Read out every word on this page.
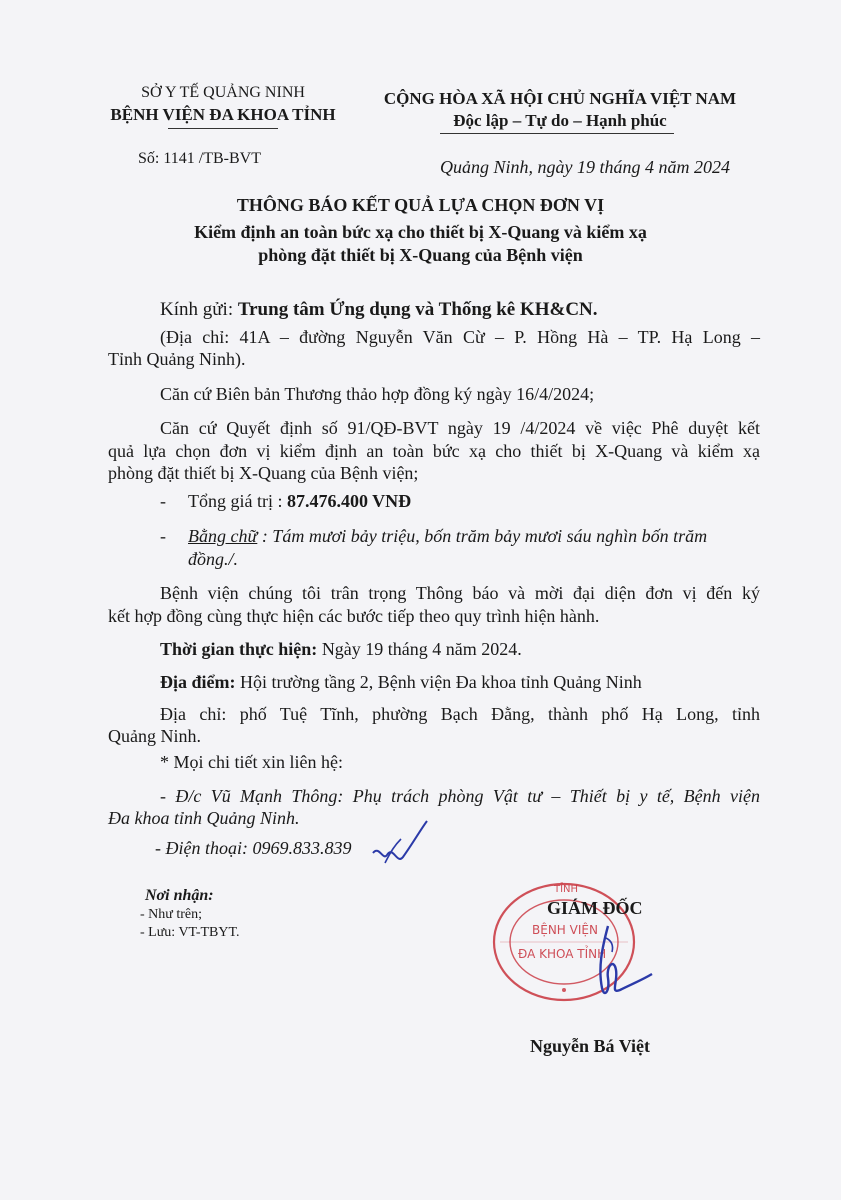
SỞ Y TẾ QUẢNG NINH
BỆNH VIỆN ĐA KHOA TỈNH
Số: 1141 /TB-BVT
CỘNG HÒA XÃ HỘI CHỦ NGHĨA VIỆT NAM
Độc lập – Tự do – Hạnh phúc
Quảng Ninh, ngày 19 tháng 4 năm 2024
THÔNG BÁO KẾT QUẢ LỰA CHỌN ĐƠN VỊ
Kiểm định an toàn bức xạ cho thiết bị X-Quang và kiểm xạ
phòng đặt thiết bị X-Quang của Bệnh viện
Kính gửi: Trung tâm Ứng dụng và Thống kê KH&CN.
(Địa chỉ: 41A – đường Nguyễn Văn Cừ – P. Hồng Hà – TP. Hạ Long –
Tỉnh Quảng Ninh).
Căn cứ Biên bản Thương thảo hợp đồng ký ngày 16/4/2024;
Căn cứ Quyết định số 91/QĐ-BVT ngày 19 /4/2024 về việc Phê duyệt kết
quả lựa chọn đơn vị kiểm định an toàn bức xạ cho thiết bị X-Quang và kiểm xạ
phòng đặt thiết bị X-Quang của Bệnh viện;
- Tổng giá trị : 87.476.400 VNĐ
- Bằng chữ : Tám mươi bảy triệu, bốn trăm bảy mươi sáu nghìn bốn trăm
đồng./.
Bệnh viện chúng tôi trân trọng Thông báo và mời đại diện đơn vị đến ký
kết hợp đồng cùng thực hiện các bước tiếp theo quy trình hiện hành.
Thời gian thực hiện: Ngày 19 tháng 4 năm 2024.
Địa điểm: Hội trường tầng 2, Bệnh viện Đa khoa tỉnh Quảng Ninh
Địa chỉ: phố Tuệ Tĩnh, phường Bạch Đằng, thành phố Hạ Long, tỉnh
Quảng Ninh.
* Mọi chi tiết xin liên hệ:
- Đ/c Vũ Mạnh Thông: Phụ trách phòng Vật tư – Thiết bị y tế, Bệnh viện
Đa khoa tỉnh Quảng Ninh.
- Điện thoại: 0969.833.839
Nơi nhận:
- Như trên;
- Lưu: VT-TBYT.
TỈNH
BỆNH VIỆN
ĐA KHOA TỈNH
GIÁM ĐỐC
Nguyễn Bá Việt
